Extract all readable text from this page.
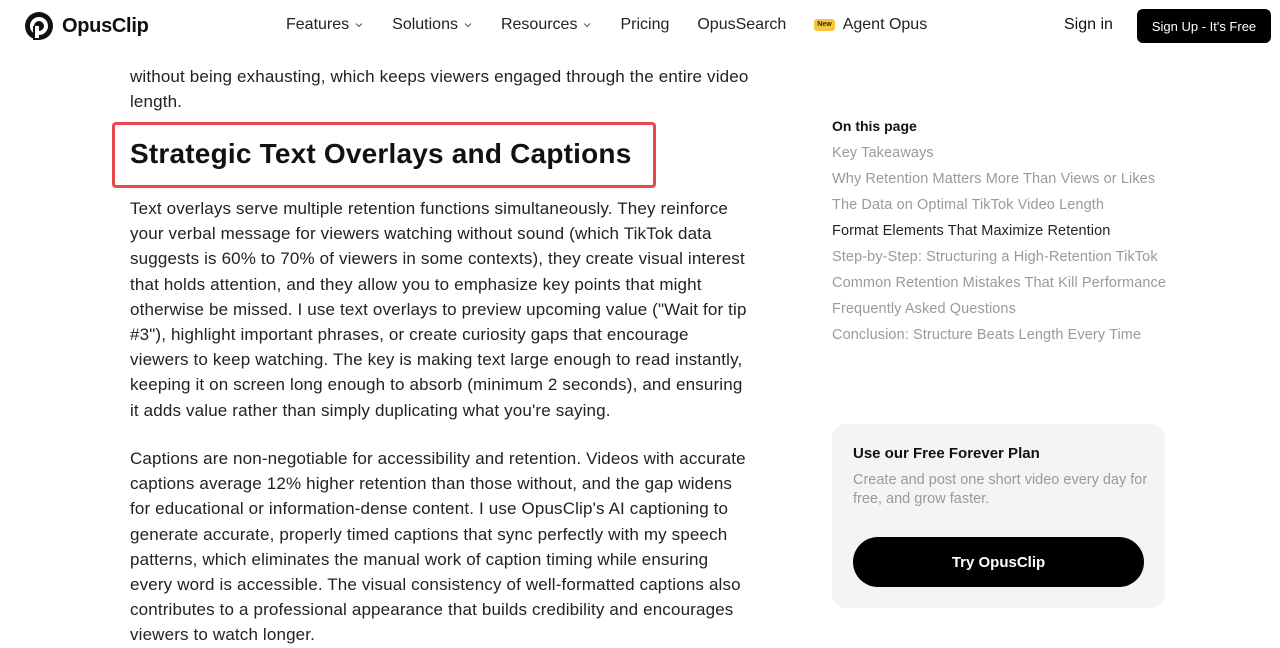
OpusClip	Features	Solutions	Resources	Pricing OpusSearch	New Agent Opus	Sign in	Sign Up - It's Free

without being exhausting, which keeps viewers engaged through the entire video length.

Strategic Text Overlays and Captions

Text overlays serve multiple retention functions simultaneously. They reinforce your verbal message for viewers watching without sound (which TikTok data suggests is 60% to 70% of viewers in some contexts), they create visual interest that holds attention, and they allow you to emphasize key points that might otherwise be missed. I use text overlays to preview upcoming value ("Wait for tip #3"), highlight important phrases, or create curiosity gaps that encourage viewers to keep watching. The key is making text large enough to read instantly, keeping it on screen long enough to absorb (minimum 2 seconds), and ensuring it adds value rather than simply duplicating what you're saying.

Captions are non-negotiable for accessibility and retention. Videos with accurate captions average 12% higher retention than those without, and the gap widens for educational or information-dense content. I use OpusClip's AI captioning to generate accurate, properly timed captions that sync perfectly with my speech patterns, which eliminates the manual work of caption timing while ensuring every word is accessible. The visual consistency of well-formatted captions also contributes to a professional appearance that builds credibility and encourages viewers to watch longer.

On this page
Key Takeaways
Why Retention Matters More Than Views or Likes
The Data on Optimal TikTok Video Length
Format Elements That Maximize Retention
Step-by-Step: Structuring a High-Retention TikTok
Common Retention Mistakes That Kill Performance
Frequently Asked Questions
Conclusion: Structure Beats Length Every Time
Use our Free Forever Plan
Create and post one short video every day for free, and grow faster.
Try OpusClip
